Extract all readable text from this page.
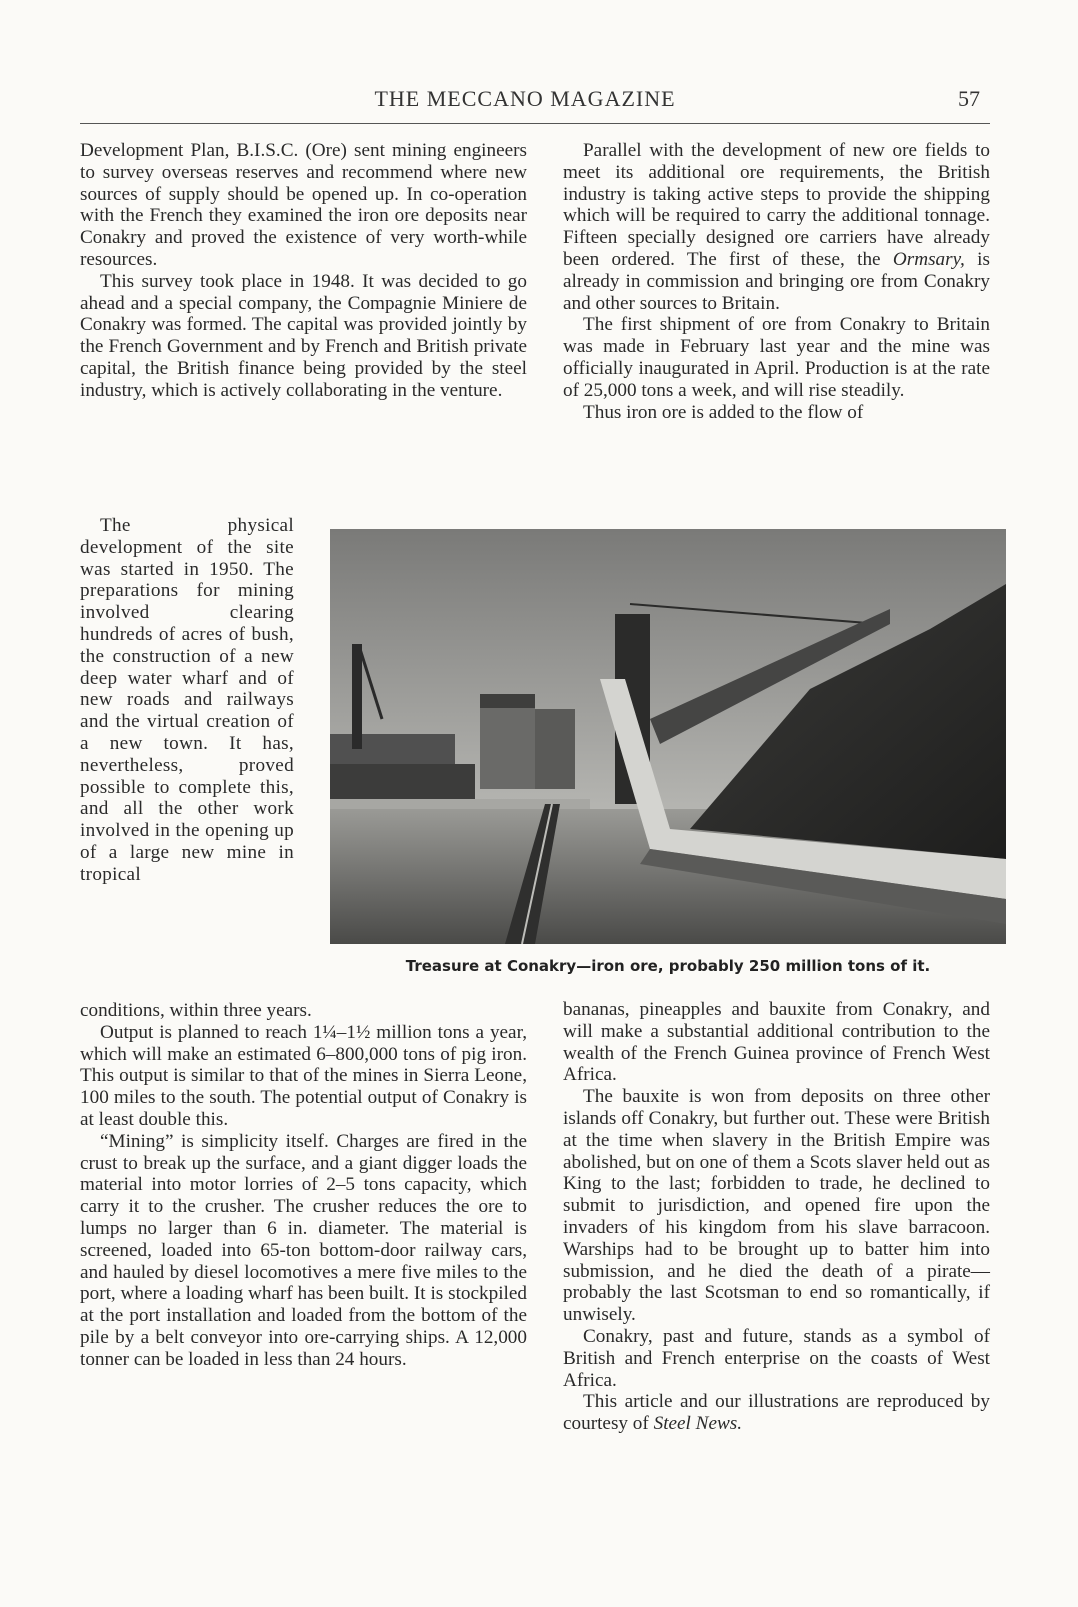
THE MECCANO MAGAZINE	57

Development Plan, B.I.S.C. (Ore) sent mining engineers to survey overseas reserves and recommend where new sources of supply should be opened up. In co-operation with the French they examined the iron ore deposits near Conakry and proved the existence of very worth-while resources.

This survey took place in 1948. It was decided to go ahead and a special company, the Compagnie Miniere de Conakry was formed. The capital was provided jointly by the French Government and by French and British private capital, the British finance being provided by the steel industry, which is actively collaborating in the venture.

Parallel with the development of new ore fields to meet its additional ore requirements, the British industry is taking active steps to provide the shipping which will be required to carry the additional tonnage. Fifteen specially designed ore carriers have already been ordered. The first of these, the Ormsary, is already in commission and bringing ore from Conakry and other sources to Britain.

The first shipment of ore from Conakry to Britain was made in February last year and the mine was officially inaugurated in April. Production is at the rate of 25,000 tons a week, and will rise steadily.

Thus iron ore is added to the flow of

The physical development of the site was started in 1950. The preparations for mining involved clearing hundreds of acres of bush, the construction of a new deep water wharf and of new roads and railways and the virtual creation of a new town. It has, nevertheless, proved possible to complete this, and all the other work involved in the opening up of a large new mine in tropical

Treasure at Conakry—iron ore, probably 250 million tons of it.

conditions, within three years.

Output is planned to reach 1¼–1½ million tons a year, which will make an estimated 6–800,000 tons of pig iron. This output is similar to that of the mines in Sierra Leone, 100 miles to the south. The potential output of Conakry is at least double this.

“Mining” is simplicity itself. Charges are fired in the crust to break up the surface, and a giant digger loads the material into motor lorries of 2–5 tons capacity, which carry it to the crusher. The crusher reduces the ore to lumps no larger than 6 in. diameter. The material is screened, loaded into 65-ton bottom-door railway cars, and hauled by diesel locomotives a mere five miles to the port, where a loading wharf has been built. It is stockpiled at the port installation and loaded from the bottom of the pile by a belt conveyor into ore-carrying ships. A 12,000 tonner can be loaded in less than 24 hours.

bananas, pineapples and bauxite from Conakry, and will make a substantial additional contribution to the wealth of the French Guinea province of French West Africa.

The bauxite is won from deposits on three other islands off Conakry, but further out. These were British at the time when slavery in the British Empire was abolished, but on one of them a Scots slaver held out as King to the last; forbidden to trade, he declined to submit to jurisdiction, and opened fire upon the invaders of his kingdom from his slave barracoon. Warships had to be brought up to batter him into submission, and he died the death of a pirate—probably the last Scotsman to end so romantically, if unwisely.

Conakry, past and future, stands as a symbol of British and French enterprise on the coasts of West Africa.

This article and our illustrations are reproduced by courtesy of Steel News.
